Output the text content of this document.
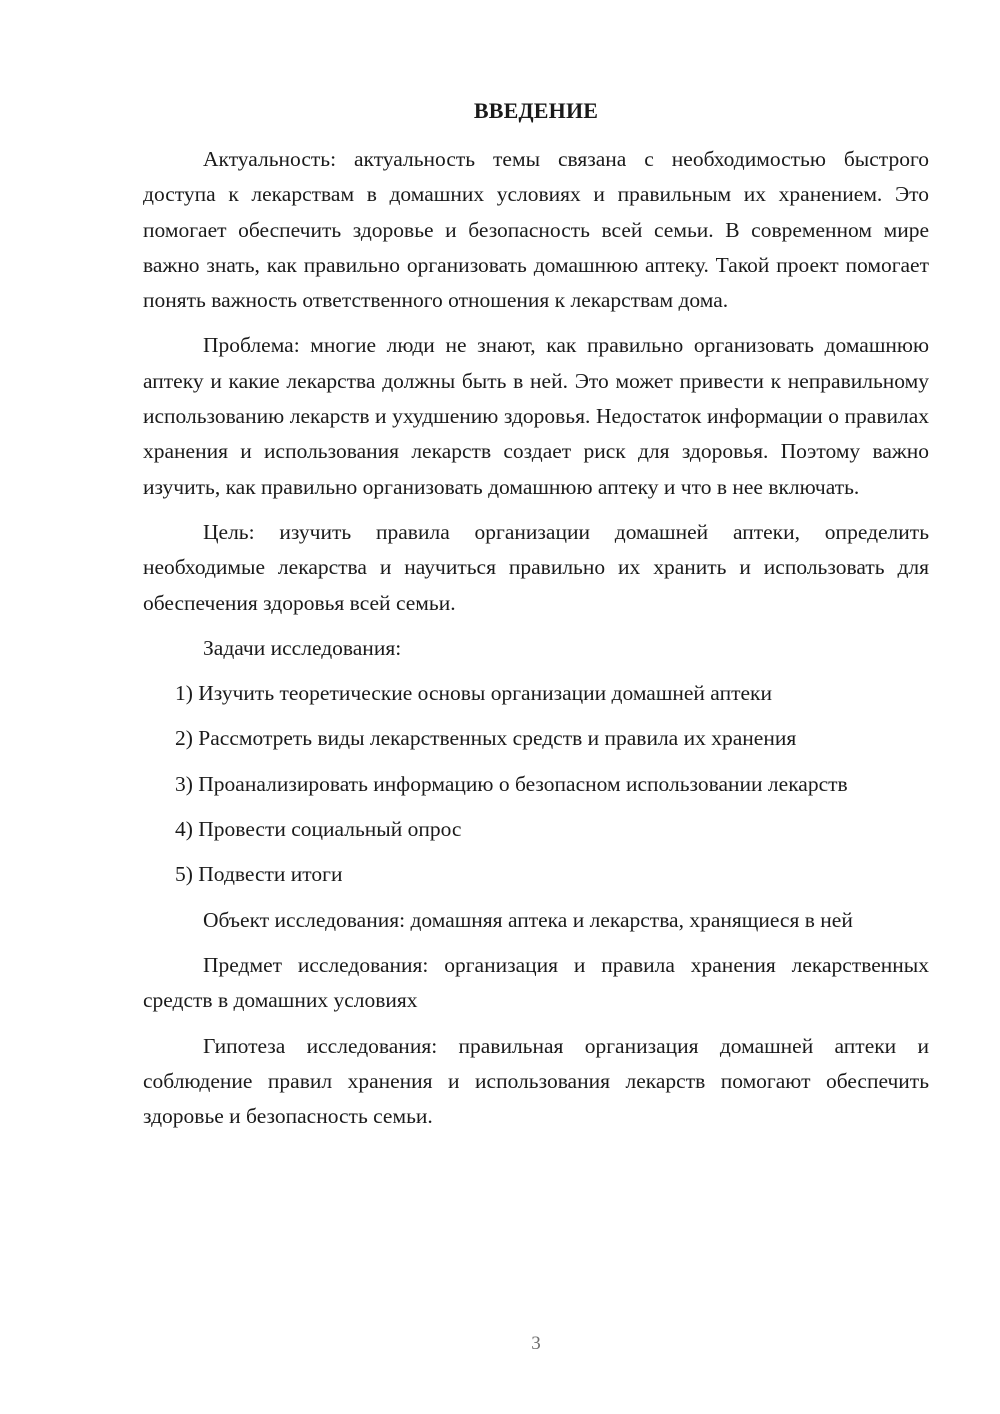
ВВЕДЕНИЕ
Актуальность: актуальность темы связана с необходимостью быстрого доступа к лекарствам в домашних условиях и правильным их хранением. Это помогает обеспечить здоровье и безопасность всей семьи. В современном мире важно знать, как правильно организовать домашнюю аптеку. Такой проект помогает понять важность ответственного отношения к лекарствам дома.
Проблема: многие люди не знают, как правильно организовать домашнюю аптеку и какие лекарства должны быть в ней. Это может привести к неправильному использованию лекарств и ухудшению здоровья. Недостаток информации о правилах хранения и использования лекарств создает риск для здоровья. Поэтому важно изучить, как правильно организовать домашнюю аптеку и что в нее включать.
Цель: изучить правила организации домашней аптеки, определить необходимые лекарства и научиться правильно их хранить и использовать для обеспечения здоровья всей семьи.
Задачи исследования:
1) Изучить теоретические основы организации домашней аптеки
2) Рассмотреть виды лекарственных средств и правила их хранения
3) Проанализировать информацию о безопасном использовании лекарств
4) Провести социальный опрос
5) Подвести итоги
Объект исследования: домашняя аптека и лекарства, хранящиеся в ней
Предмет исследования: организация и правила хранения лекарственных средств в домашних условиях
Гипотеза исследования: правильная организация домашней аптеки и соблюдение правил хранения и использования лекарств помогают обеспечить здоровье и безопасность семьи.
3
